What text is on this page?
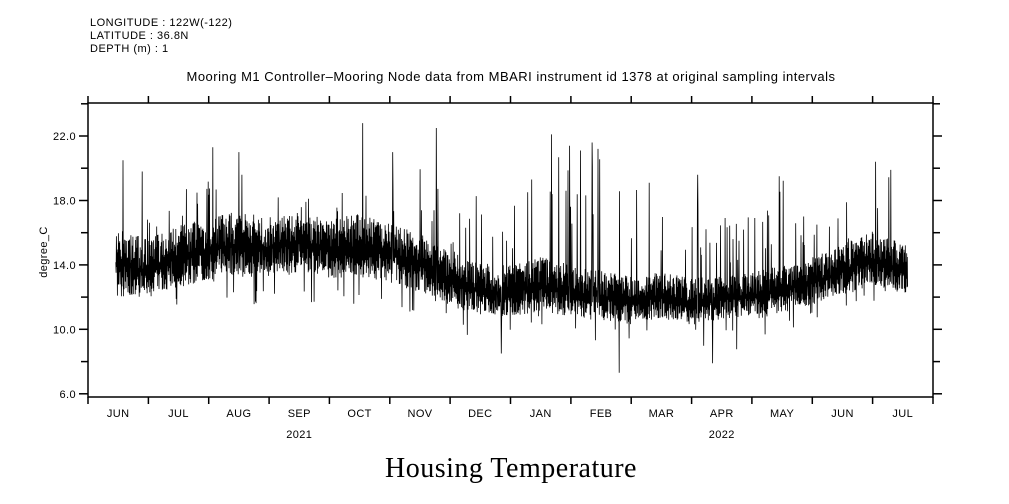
LONGITUDE : 122W(-122)
LATITUDE : 36.8N
DEPTH (m) : 1
Mooring M1 Controller–Mooring Node data from MBARI instrument id 1378 at original sampling intervals
degree_C
6.0
10.0
14.0
18.0
22.0
JUN	JUL	AUG	SEP	OCT	NOV	DEC	JAN	FEB	MAR	APR	MAY	JUN	JUL
2021	2022
Housing Temperature
